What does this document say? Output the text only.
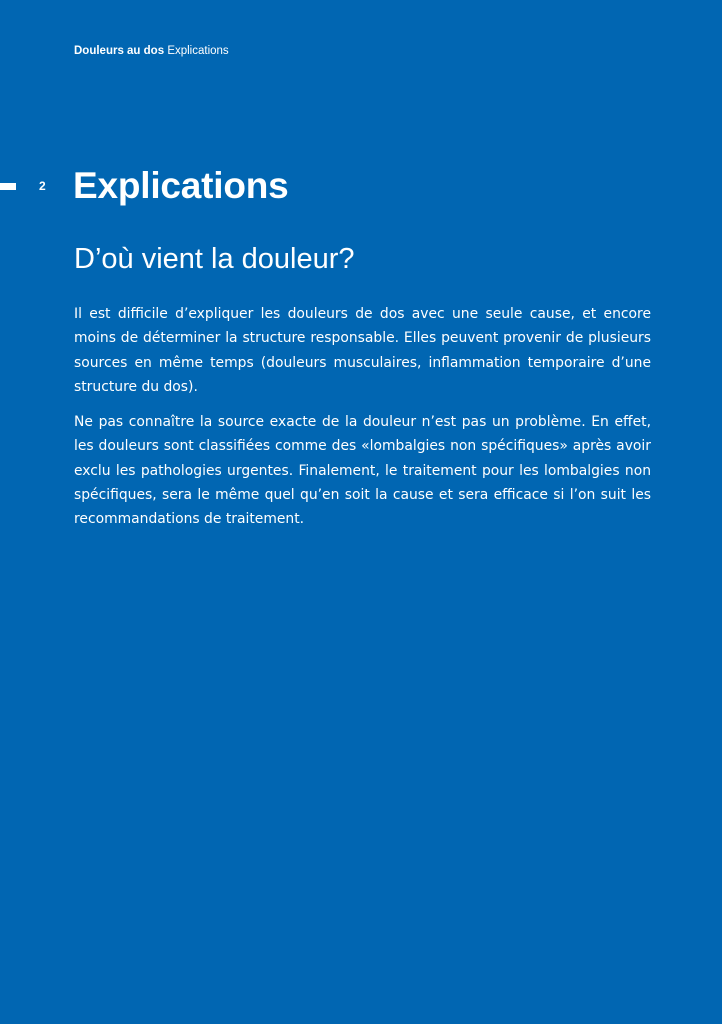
Douleurs au dos Explications
2 Explications
D’où vient la douleur?

Il est difficile d’expliquer les douleurs de dos avec une seule cause, et encore moins de déterminer la structure responsable. Elles peuvent provenir de plusieurs sources en même temps (douleurs musculaires, inflammation temporaire d’une structure du dos).

Ne pas connaître la source exacte de la douleur n’est pas un problème. En effet, les douleurs sont classifiées comme des «lombalgies non spécifiques» après avoir exclu les pathologies urgentes. Finalement, le traitement pour les lombalgies non spécifiques, sera le même quel qu’en soit la cause et sera efficace si l’on suit les recommandations de traitement.
